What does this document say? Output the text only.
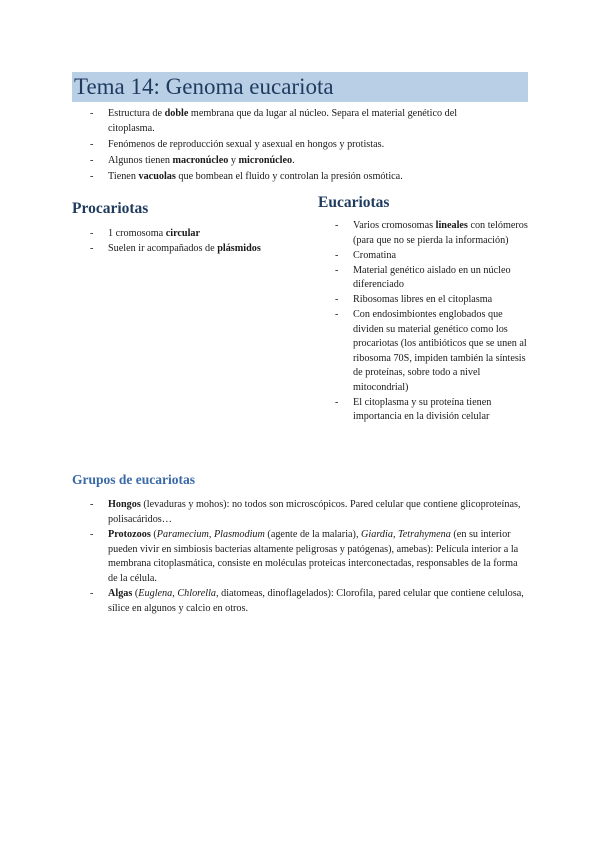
Tema 14: Genoma eucariota
- Estructura de doble membrana que da lugar al núcleo. Separa el material genético del citoplasma.
- Fenómenos de reproducción sexual y asexual en hongos y protistas.
- Algunos tienen macronúcleo y micronúcleo.
- Tienen vacuolas que bombean el fluido y controlan la presión osmótica.
Procariotas
- 1 cromosoma circular
- Suelen ir acompañados de plásmidos
Eucariotas
- Varios cromosomas lineales con telómeros (para que no se pierda la información)
- Cromatina
- Material genético aislado en un núcleo diferenciado
- Ribosomas libres en el citoplasma
- Con endosimbiontes englobados que dividen su material genético como los procariotas (los antibióticos que se unen al ribosoma 70S, impiden también la síntesis de proteínas, sobre todo a nivel mitocondrial)
- El citoplasma y su proteína tienen importancia en la división celular
Grupos de eucariotas
- Hongos (levaduras y mohos): no todos son microscópicos. Pared celular que contiene glicoproteínas, polisacáridos…
- Protozoos (Paramecium, Plasmodium (agente de la malaria), Giardia, Tetrahymena (en su interior pueden vivir en simbiosis bacterias altamente peligrosas y patógenas), amebas): Película interior a la membrana citoplasmática, consiste en moléculas proteicas interconectadas, responsables de la forma de la célula.
- Algas (Euglena, Chlorella, diatomeas, dinoflagelados): Clorofila, pared celular que contiene celulosa, sílice en algunos y calcio en otros.
